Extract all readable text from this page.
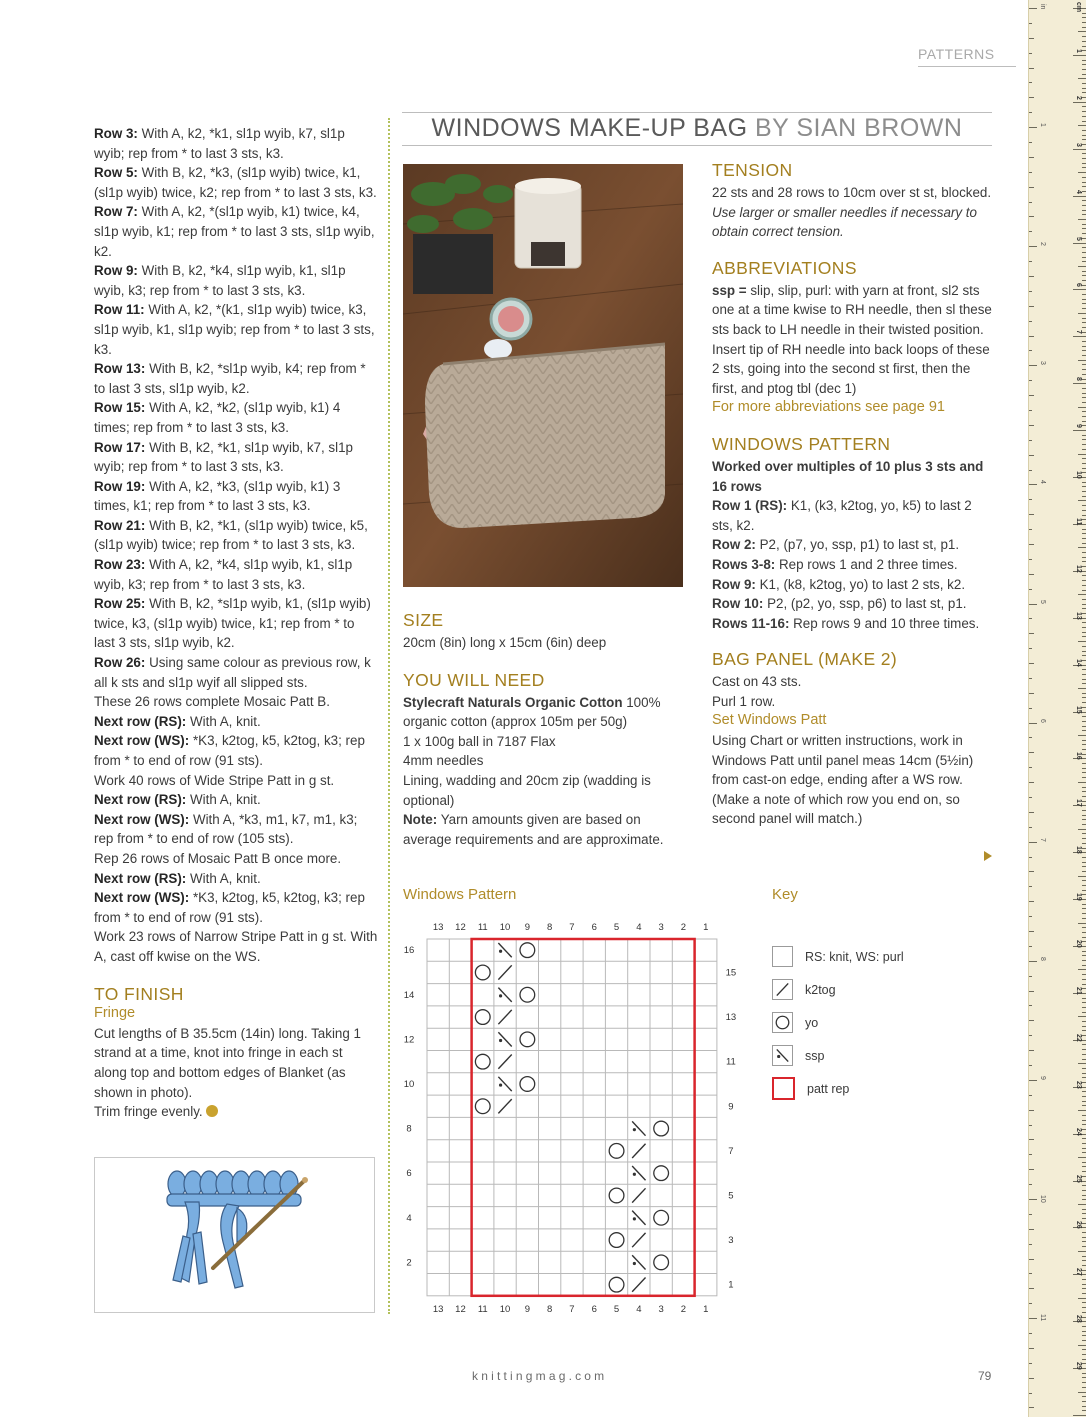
PATTERNS
cm
1
2
3
4
5
6
7
8
9
10
11
12
13
14
15
16
17
18
19
20
21
22
23
24
25
26
27
28
29
in
1
2
3
4
5
6
7
8
9
10
11

Row 3: With A, k2, *k1, sl1p wyib, k7, sl1p wyib; rep from * to last 3 sts, k3.

Row 5: With B, k2, *k3, (sl1p wyib) twice, k1, (sl1p wyib) twice, k2; rep from * to last 3 sts, k3.

Row 7: With A, k2, *(sl1p wyib, k1) twice, k4, sl1p wyib, k1; rep from * to last 3 sts, sl1p wyib, k2.

Row 9: With B, k2, *k4, sl1p wyib, k1, sl1p wyib, k3; rep from * to last 3 sts, k3.

Row 11: With A, k2, *(k1, sl1p wyib) twice, k3, sl1p wyib, k1, sl1p wyib; rep from * to last 3 sts, k3.

Row 13: With B, k2, *sl1p wyib, k4; rep from * to last 3 sts, sl1p wyib, k2.

Row 15: With A, k2, *k2, (sl1p wyib, k1) 4 times; rep from * to last 3 sts, k3.

Row 17: With B, k2, *k1, sl1p wyib, k7, sl1p wyib; rep from * to last 3 sts, k3.

Row 19: With A, k2, *k3, (sl1p wyib, k1) 3 times, k1; rep from * to last 3 sts, k3.

Row 21: With B, k2, *k1, (sl1p wyib) twice, k5, (sl1p wyib) twice; rep from * to last 3 sts, k3.

Row 23: With A, k2, *k4, sl1p wyib, k1, sl1p wyib, k3; rep from * to last 3 sts, k3.

Row 25: With B, k2, *sl1p wyib, k1, (sl1p wyib) twice, k3, (sl1p wyib) twice, k1; rep from * to last 3 sts, sl1p wyib, k2.

Row 26: Using same colour as previous row, k all k sts and sl1p wyif all slipped sts.

These 26 rows complete Mosaic Patt B.

Next row (RS): With A, knit.

Next row (WS): *K3, k2tog, k5, k2tog, k3; rep from * to end of row (91 sts).

Work 40 rows of Wide Stripe Patt in g st.

Next row (RS): With A, knit.

Next row (WS): With A, *k3, m1, k7, m1, k3; rep from * to end of row (105 sts).

Rep 26 rows of Mosaic Patt B once more.

Next row (RS): With A, knit.

Next row (WS): *K3, k2tog, k5, k2tog, k3; rep from * to end of row (91 sts).

Work 23 rows of Narrow Stripe Patt in g st. With A, cast off kwise on the WS.

TO FINISH
Fringe

Cut lengths of B 35.5cm (14in) long. Taking 1 strand at a time, knot into fringe in each st along top and bottom edges of Blanket (as shown in photo).

Trim fringe evenly.

WINDOWS MAKE-UP BAG BY SIAN BROWN
SIZE

20cm (8in) long x 15cm (6in) deep

YOU WILL NEED

Stylecraft Naturals Organic Cotton 100% organic cotton (approx 105m per 50g)

1 x 100g ball in 7187 Flax

4mm needles

Lining, wadding and 20cm zip (wadding is optional)

Note: Yarn amounts given are based on average requirements and are approximate.

TENSION

22 sts and 28 rows to 10cm over st st, blocked.

Use larger or smaller needles if necessary to obtain correct tension.

ABBREVIATIONS

ssp = slip, slip, purl: with yarn at front, sl2 sts one at a time kwise to RH needle, then sl these sts back to LH needle in their twisted position. Insert tip of RH needle into back loops of these 2 sts, going into the second st first, then the first, and ptog tbl (dec 1)

For more abbreviations see page 91

WINDOWS PATTERN

Worked over multiples of 10 plus 3 sts and 16 rows

Row 1 (RS): K1, (k3, k2tog, yo, k5) to last 2 sts, k2.

Row 2: P2, (p7, yo, ssp, p1) to last st, p1.

Rows 3-8: Rep rows 1 and 2 three times.

Row 9: K1, (k8, k2tog, yo) to last 2 sts, k2.

Row 10: P2, (p2, yo, ssp, p6) to last st, p1.

Rows 11-16: Rep rows 9 and 10 three times.

BAG PANEL (MAKE 2)

Cast on 43 sts.

Purl 1 row.

Set Windows Patt

Using Chart or written instructions, work in Windows Patt until panel meas 14cm (5½in) from cast-on edge, ending after a WS row. (Make a note of which row you end on, so second panel will match.)

Windows Pattern
13
13
12
12
11
11
10
10
9
9
8
8
7
7
6
6
5
5
4
4
3
3
2
2
1
1
16
14
12
10
8
6
4
2
15
13
11
9
7
5
3
1
Key
RS: knit, WS: purl
k2tog
yo
ssp
patt rep
knittingmag.com	79
